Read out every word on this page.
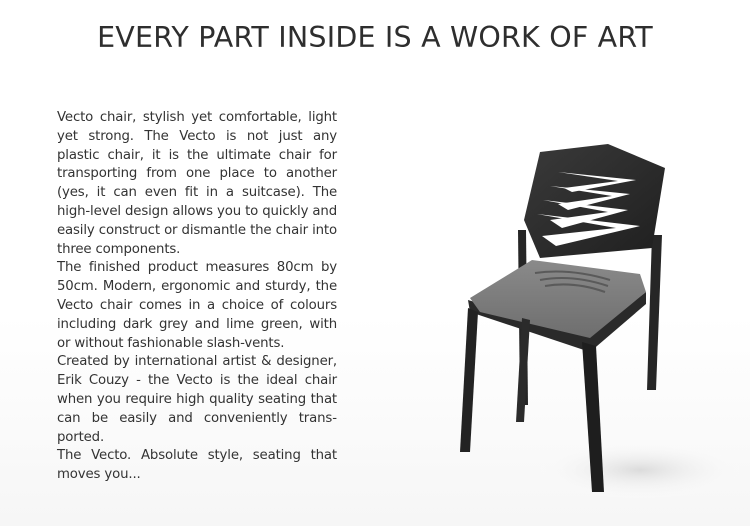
EVERY PART INSIDE IS A WORK OF ART

Vecto chair, stylish yet comfortable, light yet strong. The Vecto is not just any plastic chair, it is the ultimate chair for transporting from one place to another (yes, it can even fit in a suitcase). The high-level design allows you to quickly and easily construct or dismantle the chair into three components.

The finished product measures 80cm by 50cm. Modern, ergonomic and sturdy, the Vecto chair comes in a choice of colours including dark grey and lime green, with or without fashionable slash-vents.

Created by international artist & designer, Erik Couzy - the Vecto is the ideal chair when you require high quality seating that can be easily and conveniently transported.

The Vecto. Absolute style, seating that moves you...
